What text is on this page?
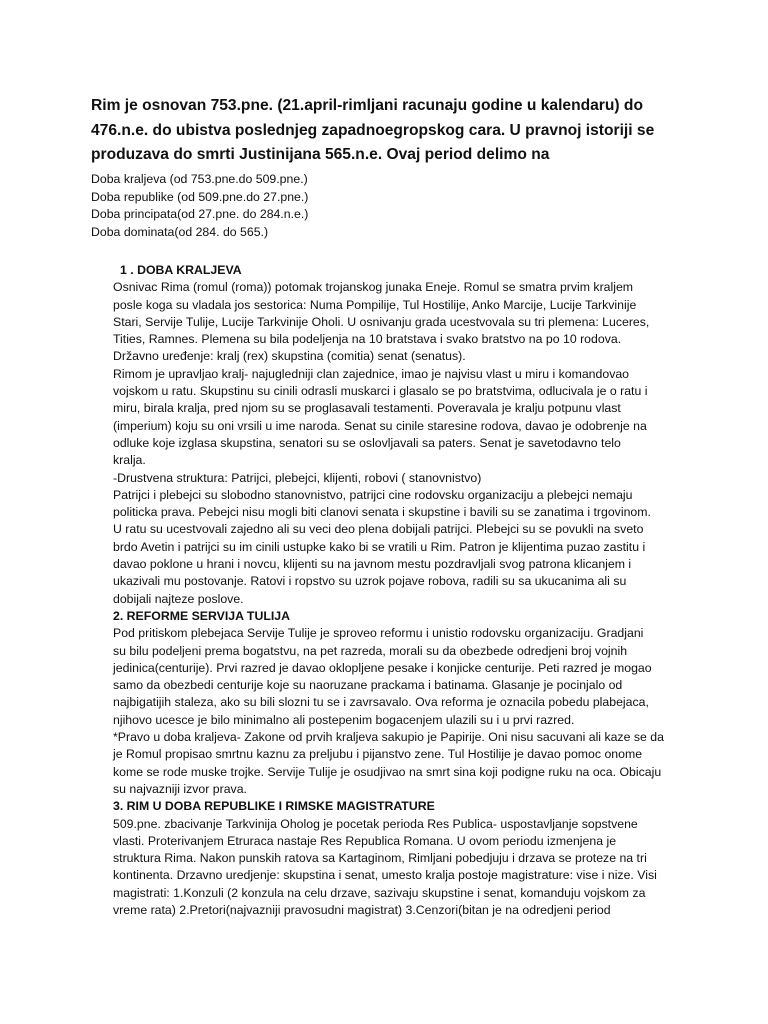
Rim je osnovan 753.pne. (21.april-rimljani racunaju godine u kalendaru) do
476.n.e. do ubistva poslednjeg zapadnoegropskog cara. U pravnoj istoriji se
produzava do smrti Justinijana 565.n.e. Ovaj period delimo na
Doba kraljeva (od 753.pne.do 509.pne.)
Doba republike (od 509.pne.do 27.pne.)
Doba principata(od 27.pne. do 284.n.e.)
Doba dominata(od 284. do 565.)
1 . DOBA KRALJEVA
Osnivac Rima (romul (roma)) potomak trojanskog junaka Eneje. Romul se smatra prvim kraljem
posle koga su vladala jos sestorica: Numa Pompilije, Tul Hostilije, Anko Marcije, Lucije Tarkvinije
Stari, Servije Tulije, Lucije Tarkvinije Oholi. U osnivanju grada ucestvovala su tri plemena: Luceres,
Tities, Ramnes. Plemena su bila podeljenja na 10 bratstava i svako bratstvo na po 10 rodova.
Državno uređenje: kralj (rex) skupstina (comitia) senat (senatus).
Rimom je upravljao kralj- najugledniji clan zajednice, imao je najvisu vlast u miru i komandovao
vojskom u ratu. Skupstinu su cinili odrasli muskarci i glasalo se po bratstvima, odlucivala je o ratu i
miru, birala kralja, pred njom su se proglasavali testamenti. Poveravala je kralju potpunu vlast
(imperium) koju su oni vrsili u ime naroda. Senat su cinile staresine rodova, davao je odobrenje na
odluke koje izglasa skupstina, senatori su se oslovljavali sa paters. Senat je savetodavno telo
kralja.
-Drustvena struktura: Patrijci, plebejci, klijenti, robovi ( stanovnistvo)
Patrijci i plebejci su slobodno stanovnistvo, patrijci cine rodovsku organizaciju a plebejci nemaju
politicka prava. Pebejci nisu mogli biti clanovi senata i skupstine i bavili su se zanatima i trgovinom.
U ratu su ucestvovali zajedno ali su veci deo plena dobijali patrijci. Plebejci su se povukli na sveto
brdo Avetin i patrijci su im cinili ustupke kako bi se vratili u Rim. Patron je klijentima puzao zastitu i
davao poklone u hrani i novcu, klijenti su na javnom mestu pozdravljali svog patrona klicanjem i
ukazivali mu postovanje. Ratovi i ropstvo su uzrok pojave robova, radili su sa ukucanima ali su
dobijali najteze poslove.
2. REFORME SERVIJA TULIJA
Pod pritiskom plebejaca Servije Tulije je sproveo reformu i unistio rodovsku organizaciju. Gradjani
su bilu podeljeni prema bogatstvu, na pet razreda, morali su da obezbede odredjeni broj vojnih
jedinica(centurije). Prvi razred je davao oklopljene pesake i konjicke centurije. Peti razred je mogao
samo da obezbedi centurije koje su naoruzane prackama i batinama. Glasanje je pocinjalo od
najbigatijih staleza, ako su bili slozni tu se i zavrsavalo. Ova reforma je oznacila pobedu plabejaca,
njihovo ucesce je bilo minimalno ali postepenim bogacenjem ulazili su i u prvi razred.
*Pravo u doba kraljeva- Zakone od prvih kraljeva sakupio je Papirije. Oni nisu sacuvani ali kaze se da
je Romul propisao smrtnu kaznu za preljubu i pijanstvo zene. Tul Hostilije je davao pomoc onome
kome se rode muske trojke. Servije Tulije je osudjivao na smrt sina koji podigne ruku na oca. Obicaju
su najvazniji izvor prava.
3. RIM U DOBA REPUBLIKE I RIMSKE MAGISTRATURE
509.pne. zbacivanje Tarkvinija Oholog je pocetak perioda Res Publica- uspostavljanje sopstvene
vlasti. Proterivanjem Etruraca nastaje Res Republica Romana. U ovom periodu izmenjena je
struktura Rima. Nakon punskih ratova sa Kartaginom, Rimljani pobedjuju i drzava se proteze na tri
kontinenta. Drzavno uredjenje: skupstina i senat, umesto kralja postoje magistrature: vise i nize. Visi
magistrati: 1.Konzuli (2 konzula na celu drzave, sazivaju skupstine i senat, komanduju vojskom za
vreme rata) 2.Pretori(najvazniji pravosudni magistrat) 3.Cenzori(bitan je na odredjeni period
